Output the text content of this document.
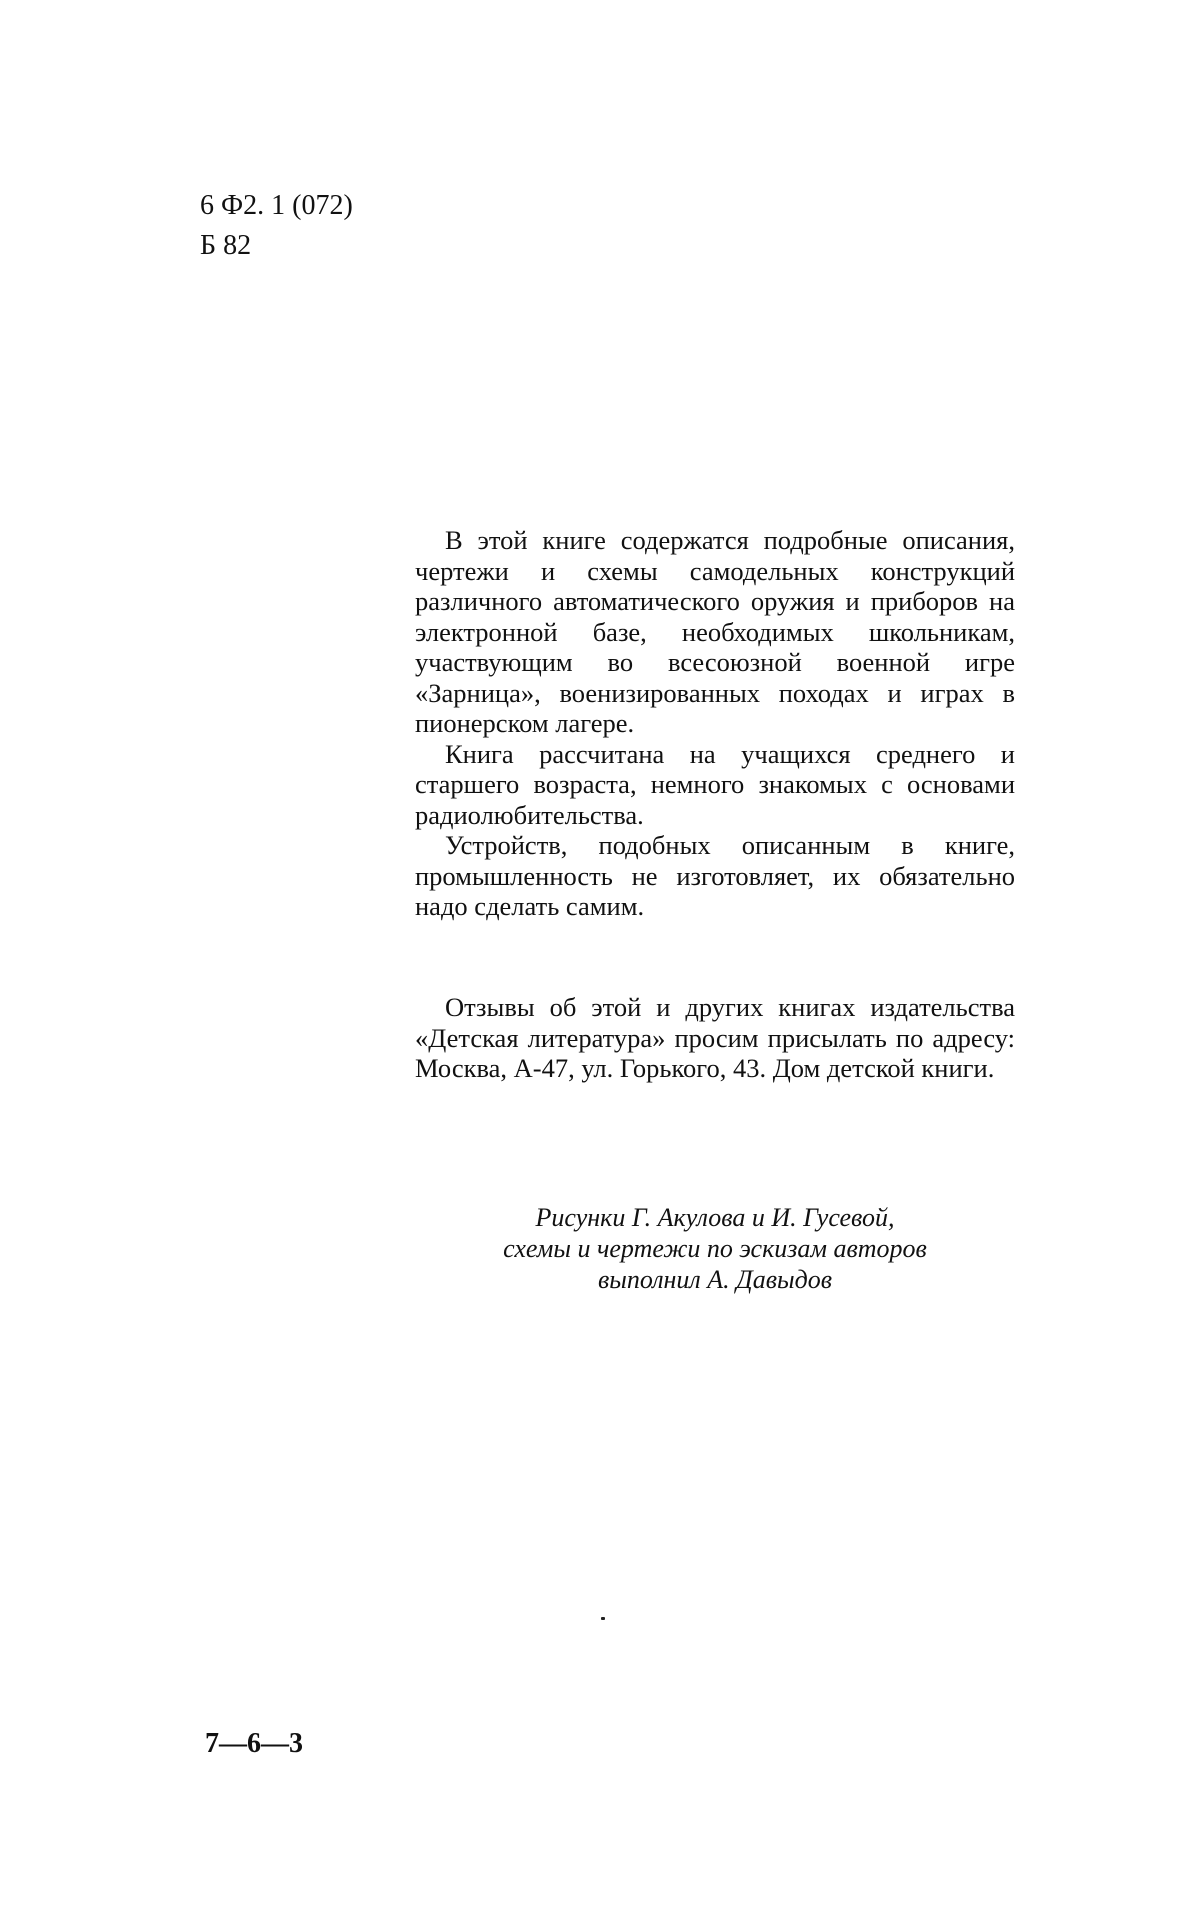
6 Ф2. 1 (072)
Б 82

В этой книге содержатся подробные описания, чертежи и схемы самодельных конструкций различного автоматического оружия и приборов на электронной базе, необходимых школьникам, участвующим во всесоюзной военной игре «Зарница», военизированных походах и играх в пионерском лагере.

Книга рассчитана на учащихся среднего и старшего возраста, немного знакомых с основами радиолюбительства.

Устройств, подобных описанным в книге, промышленность не изготовляет, их обязательно надо сделать самим.

Отзывы об этой и других книгах издательства «Детская литература» просим присылать по адресу: Москва, А-47, ул. Горького, 43. Дом детской книги.

Рисунки Г. Акулова и И. Гусевой,
схемы и чертежи по эскизам авторов
выполнил А. Давыдов
7—6—3
